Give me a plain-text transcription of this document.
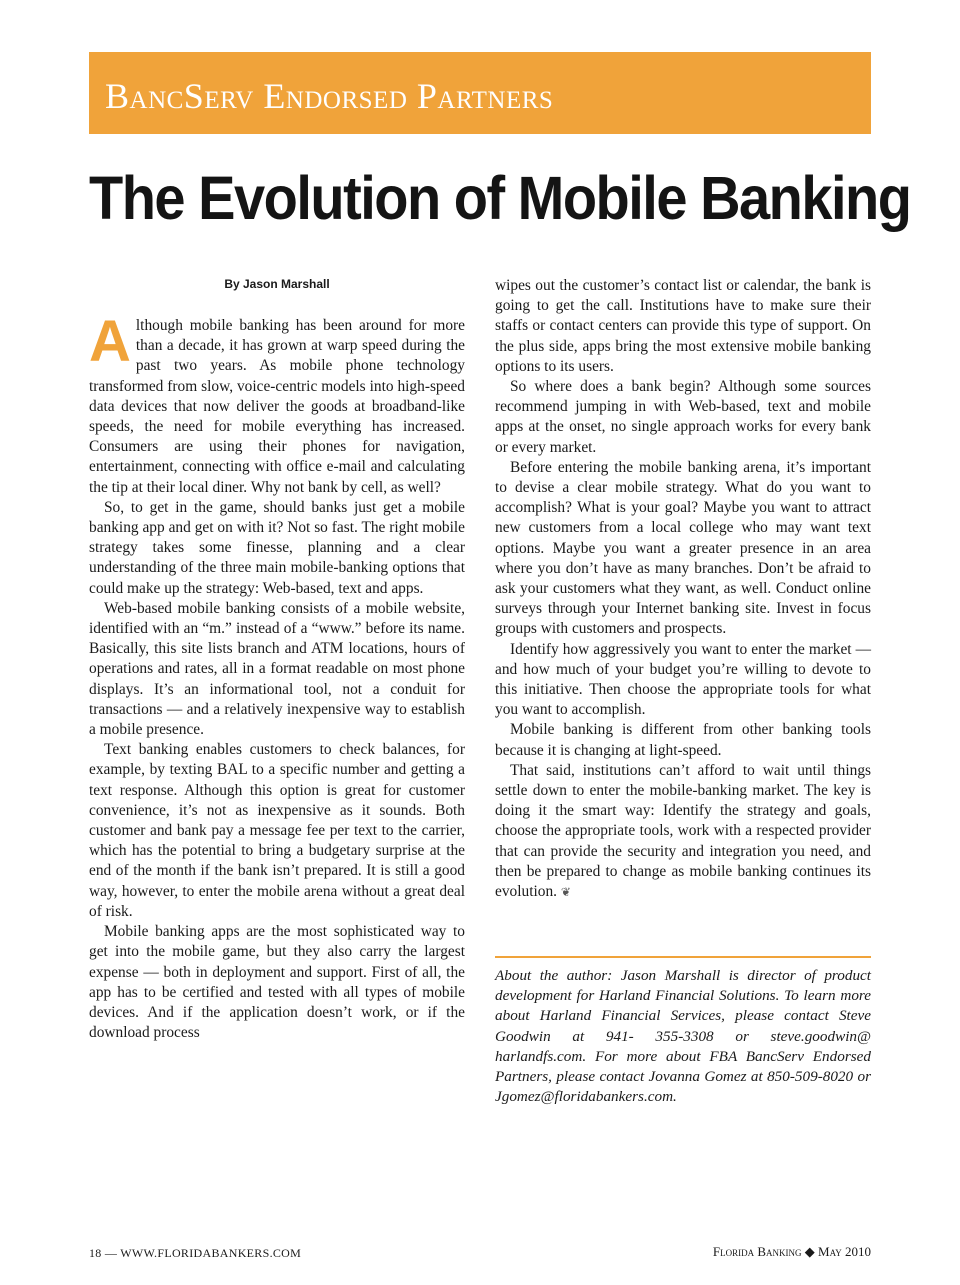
BancServ Endorsed Partners
The Evolution of Mobile Banking
By Jason Marshall

Although mobile banking has been around for more than a decade, it has grown at warp speed during the past two years. As mobile phone technology transformed from slow, voice-centric models into high-speed data devices that now deliver the goods at broadband-like speeds, the need for mobile everything has increased. Consumers are using their phones for navigation, entertainment, connecting with office e-mail and calculating the tip at their local diner. Why not bank by cell, as well?

So, to get in the game, should banks just get a mobile banking app and get on with it? Not so fast. The right mobile strategy takes some finesse, planning and a clear understanding of the three main mobile-banking options that could make up the strategy: Web-based, text and apps.

Web-based mobile banking consists of a mobile website, identified with an “m.” instead of a “www.” before its name. Basically, this site lists branch and ATM locations, hours of operations and rates, all in a format readable on most phone displays. It’s an informational tool, not a conduit for transactions — and a relatively inexpensive way to establish a mobile presence.

Text banking enables customers to check balances, for example, by texting BAL to a specific number and getting a text response. Although this option is great for customer convenience, it’s not as inexpensive as it sounds. Both customer and bank pay a message fee per text to the carrier, which has the potential to bring a budgetary surprise at the end of the month if the bank isn’t prepared. It is still a good way, however, to enter the mobile arena without a great deal of risk.

Mobile banking apps are the most sophisticated way to get into the mobile game, but they also carry the largest expense — both in deployment and support. First of all, the app has to be certified and tested with all types of mobile devices. And if the application doesn’t work, or if the download process

wipes out the customer’s contact list or calendar, the bank is going to get the call. Institutions have to make sure their staffs or contact centers can provide this type of support. On the plus side, apps bring the most extensive mobile banking options to its users.

So where does a bank begin? Although some sources recommend jumping in with Web-based, text and mobile apps at the onset, no single approach works for every bank or every market.

Before entering the mobile banking arena, it’s important to devise a clear mobile strategy. What do you want to accomplish? What is your goal? Maybe you want to attract new customers from a local college who may want text options. Maybe you want a greater presence in an area where you don’t have as many branches. Don’t be afraid to ask your customers what they want, as well. Conduct online surveys through your Internet banking site. Invest in focus groups with customers and prospects.

Identify how aggressively you want to enter the market — and how much of your budget you’re willing to devote to this initiative. Then choose the appropriate tools for what you want to accomplish.

Mobile banking is different from other banking tools because it is changing at light-speed.

That said, institutions can’t afford to wait until things settle down to enter the mobile-banking market. The key is doing it the smart way: Identify the strategy and goals, choose the appropriate tools, work with a respected provider that can provide the security and integration you need, and then be prepared to change as mobile banking continues its evolution. ❦

About the author: Jason Marshall is director of product development for Harland Financial Solutions. To learn more about Harland Financial Services, please contact Steve Goodwin at 941- 355-3308 or steve.goodwin@ harlandfs.com. For more about FBA BancServ Endorsed Partners, please contact Jovanna Gomez at 850-509-8020 or Jgomez@floridabankers.com.
18 — WWW.FLORIDABANKERS.COM	Florida Banking ◆ May 2010
